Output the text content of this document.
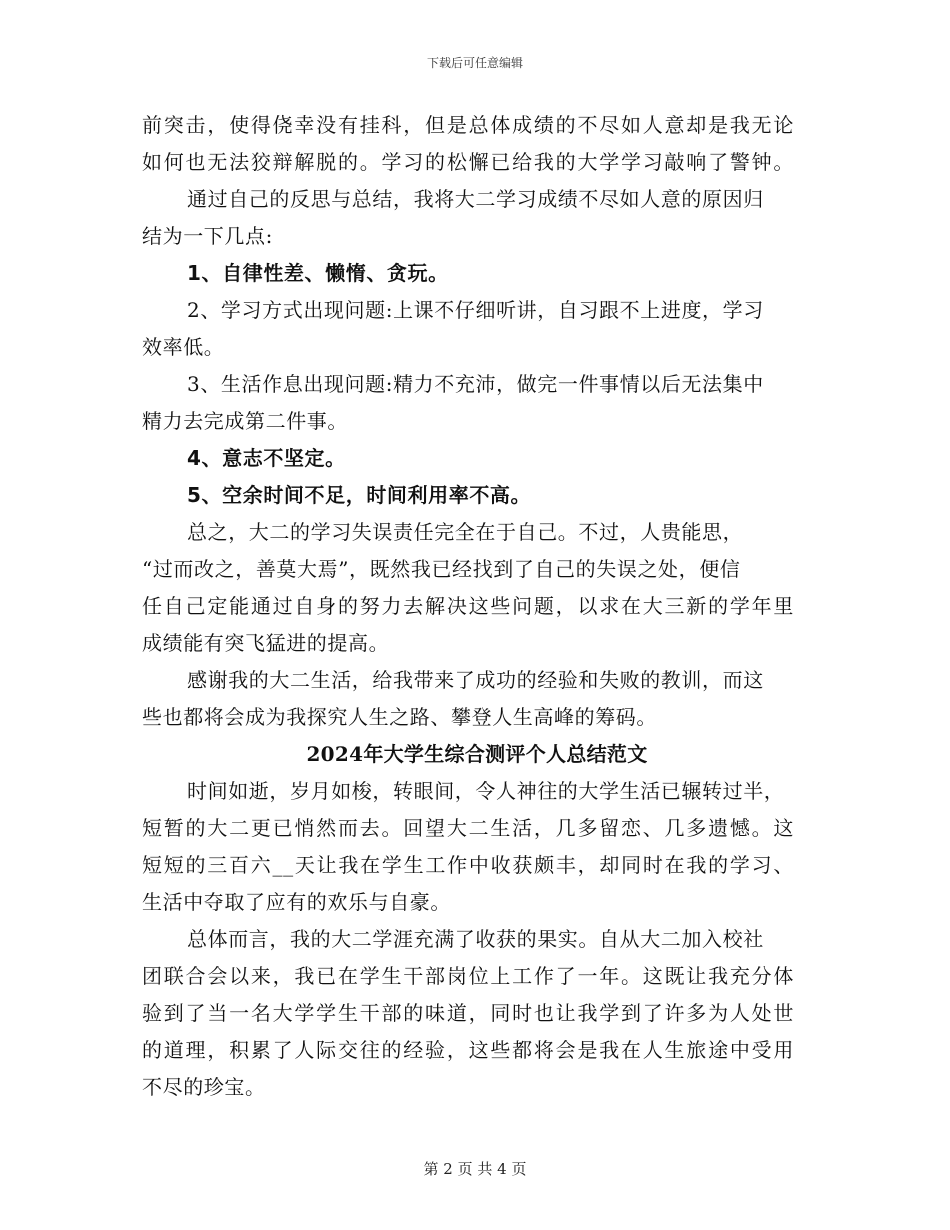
下载后可任意编辑
前突击，使得侥幸没有挂科，但是总体成绩的不尽如人意却是我无论
如何也无法狡辩解脱的。学习的松懈已给我的大学学习敲响了警钟。
通过自己的反思与总结，我将大二学习成绩不尽如人意的原因归
结为一下几点:
1、自律性差、懒惰、贪玩。
2、学习方式出现问题:上课不仔细听讲，自习跟不上进度，学习
效率低。
3、生活作息出现问题:精力不充沛，做完一件事情以后无法集中
精力去完成第二件事。
4、意志不坚定。
5、空余时间不足，时间利用率不高。
总之，大二的学习失误责任完全在于自己。不过，人贵能思，
“过而改之，善莫大焉”，既然我已经找到了自己的失误之处，便信
任自己定能通过自身的努力去解决这些问题，以求在大三新的学年里
成绩能有突飞猛进的提高。
感谢我的大二生活，给我带来了成功的经验和失败的教训，而这
些也都将会成为我探究人生之路、攀登人生高峰的筹码。
2024年大学生综合测评个人总结范文
时间如逝，岁月如梭，转眼间，令人神往的大学生活已辗转过半，
短暂的大二更已悄然而去。回望大二生活，几多留恋、几多遗憾。这
短短的三百六__天让我在学生工作中收获颇丰，却同时在我的学习、
生活中夺取了应有的欢乐与自豪。
总体而言，我的大二学涯充满了收获的果实。自从大二加入校社
团联合会以来，我已在学生干部岗位上工作了一年。这既让我充分体
验到了当一名大学学生干部的味道，同时也让我学到了许多为人处世
的道理，积累了人际交往的经验，这些都将会是我在人生旅途中受用
不尽的珍宝。
第 2 页 共 4 页
